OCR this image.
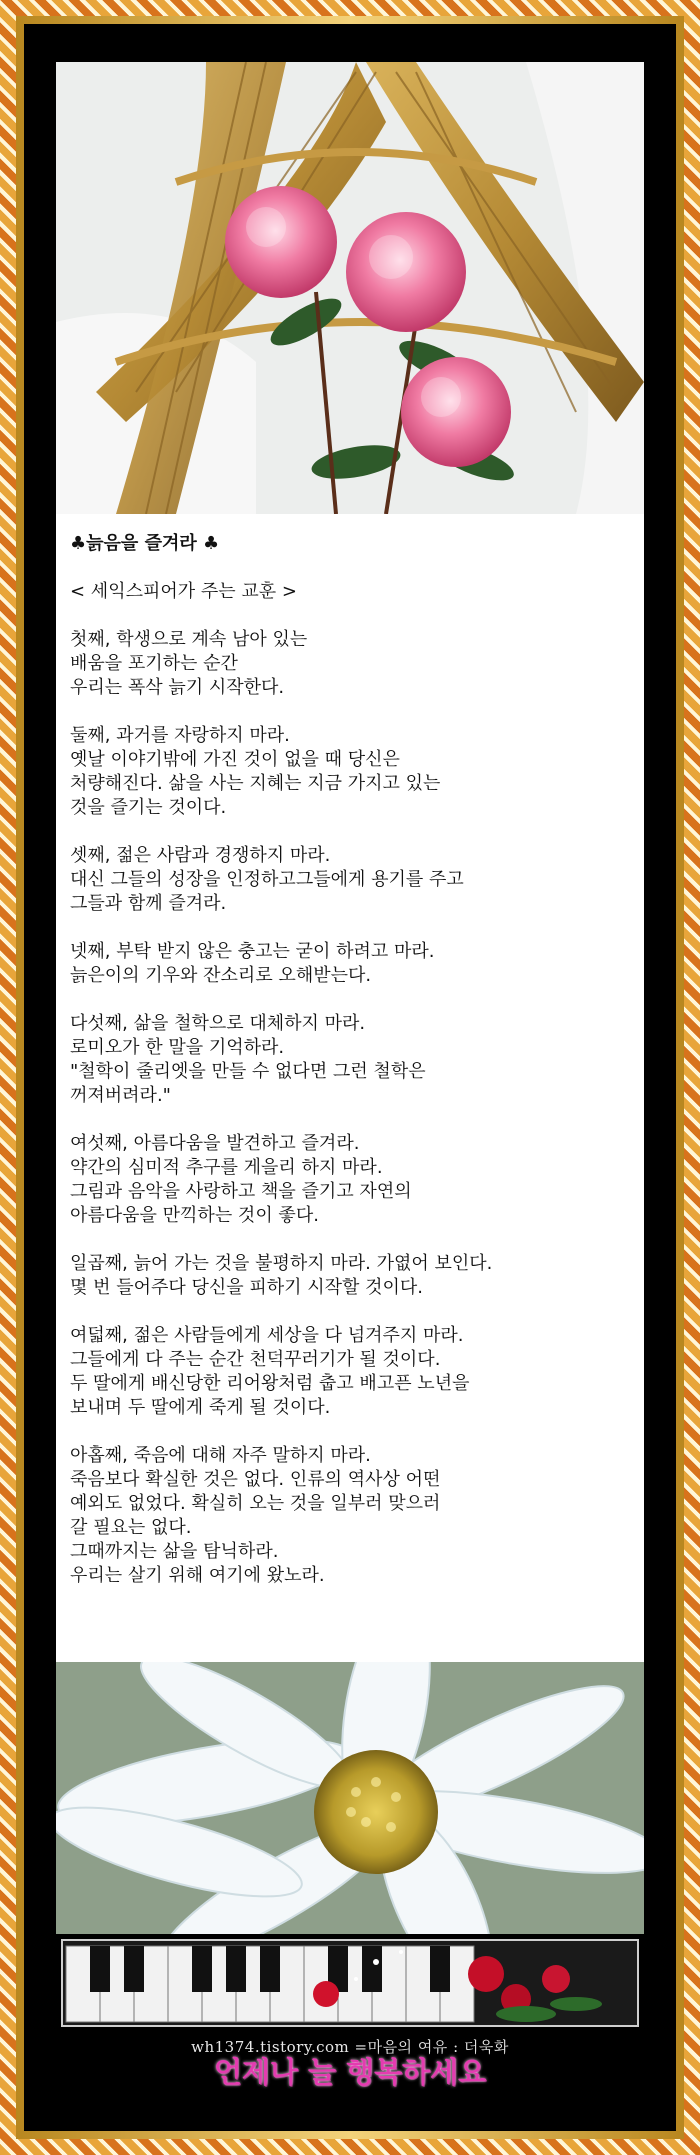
♣늙음을 즐겨라 ♣
< 세익스피어가 주는 교훈 >
첫째, 학생으로 계속 남아 있는
배움을 포기하는 순간
우리는 폭삭 늙기 시작한다.
둘째, 과거를 자랑하지 마라.
옛날 이야기밖에 가진 것이 없을 때 당신은
처량해진다. 삶을 사는 지혜는 지금 가지고 있는
것을 즐기는 것이다.
셋째, 젊은 사람과 경쟁하지 마라.
대신 그들의 성장을 인정하고그들에게 용기를 주고
그들과 함께 즐겨라.
넷째, 부탁 받지 않은 충고는 굳이 하려고 마라.
늙은이의 기우와 잔소리로 오해받는다.
다섯째, 삶을 철학으로 대체하지 마라.
로미오가 한 말을 기억하라.
"철학이 줄리엣을 만들 수 없다면 그런 철학은
꺼져버려라."
여섯째, 아름다움을 발견하고 즐겨라.
약간의 심미적 추구를 게을리 하지 마라.
그림과 음악을 사랑하고 책을 즐기고 자연의
아름다움을 만끽하는 것이 좋다.
일곱째, 늙어 가는 것을 불평하지 마라. 가엾어 보인다.
몇 번 들어주다 당신을 피하기 시작할 것이다.
여덟째, 젊은 사람들에게 세상을 다 넘겨주지 마라.
그들에게 다 주는 순간 천덕꾸러기가 될 것이다.
두 딸에게 배신당한 리어왕처럼 춥고 배고픈 노년을
보내며 두 딸에게 죽게 될 것이다.
아홉째, 죽음에 대해 자주 말하지 마라.
죽음보다 확실한 것은 없다. 인류의 역사상 어떤
예외도 없었다. 확실히 오는 것을 일부러 맞으러
갈 필요는 없다.
그때까지는 삶을 탐닉하라.
우리는 살기 위해 여기에 왔노라.
wh1374.tistory.com =마음의 여유 : 더욱화
언제나 늘 행복하세요
